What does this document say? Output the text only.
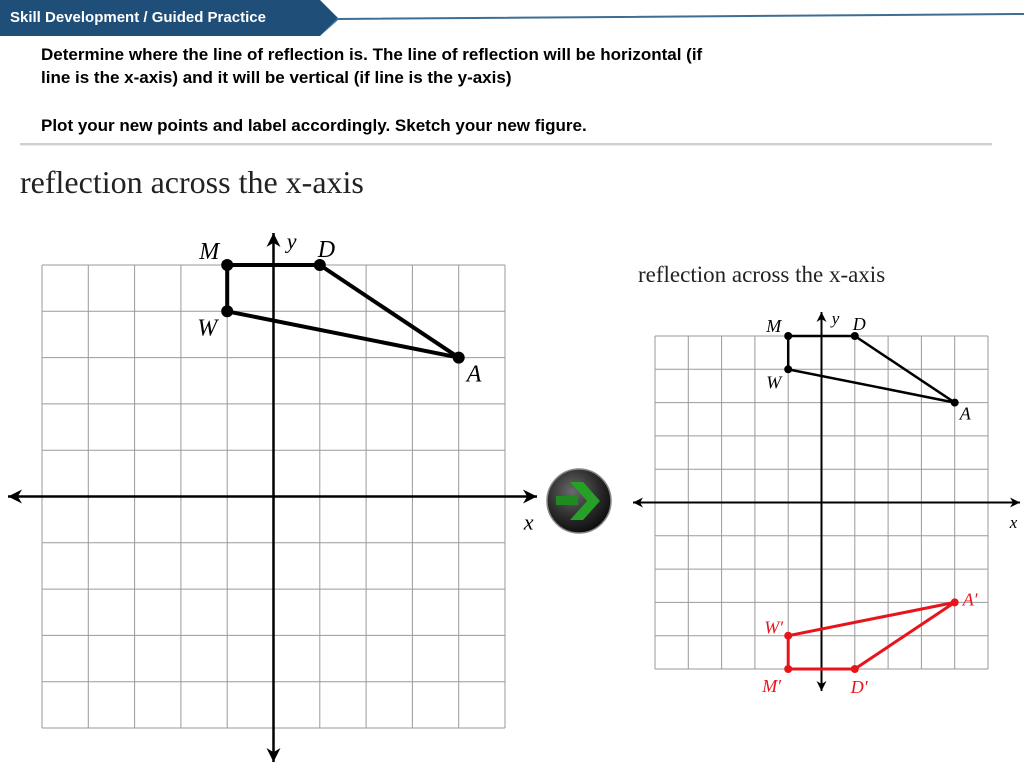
Skill Development / Guided Practice
Determine where the line of reflection is. The line of reflection will be horizontal (if
line is the x-axis) and it will be vertical (if line is the y-axis)
Plot your new points and label accordingly. Sketch your new figure.
reflection across the x-axis
reflection across the x-axis
x
y
M	D
A
W
x
y
M	D
A
W
M′	D′
A′
W′
